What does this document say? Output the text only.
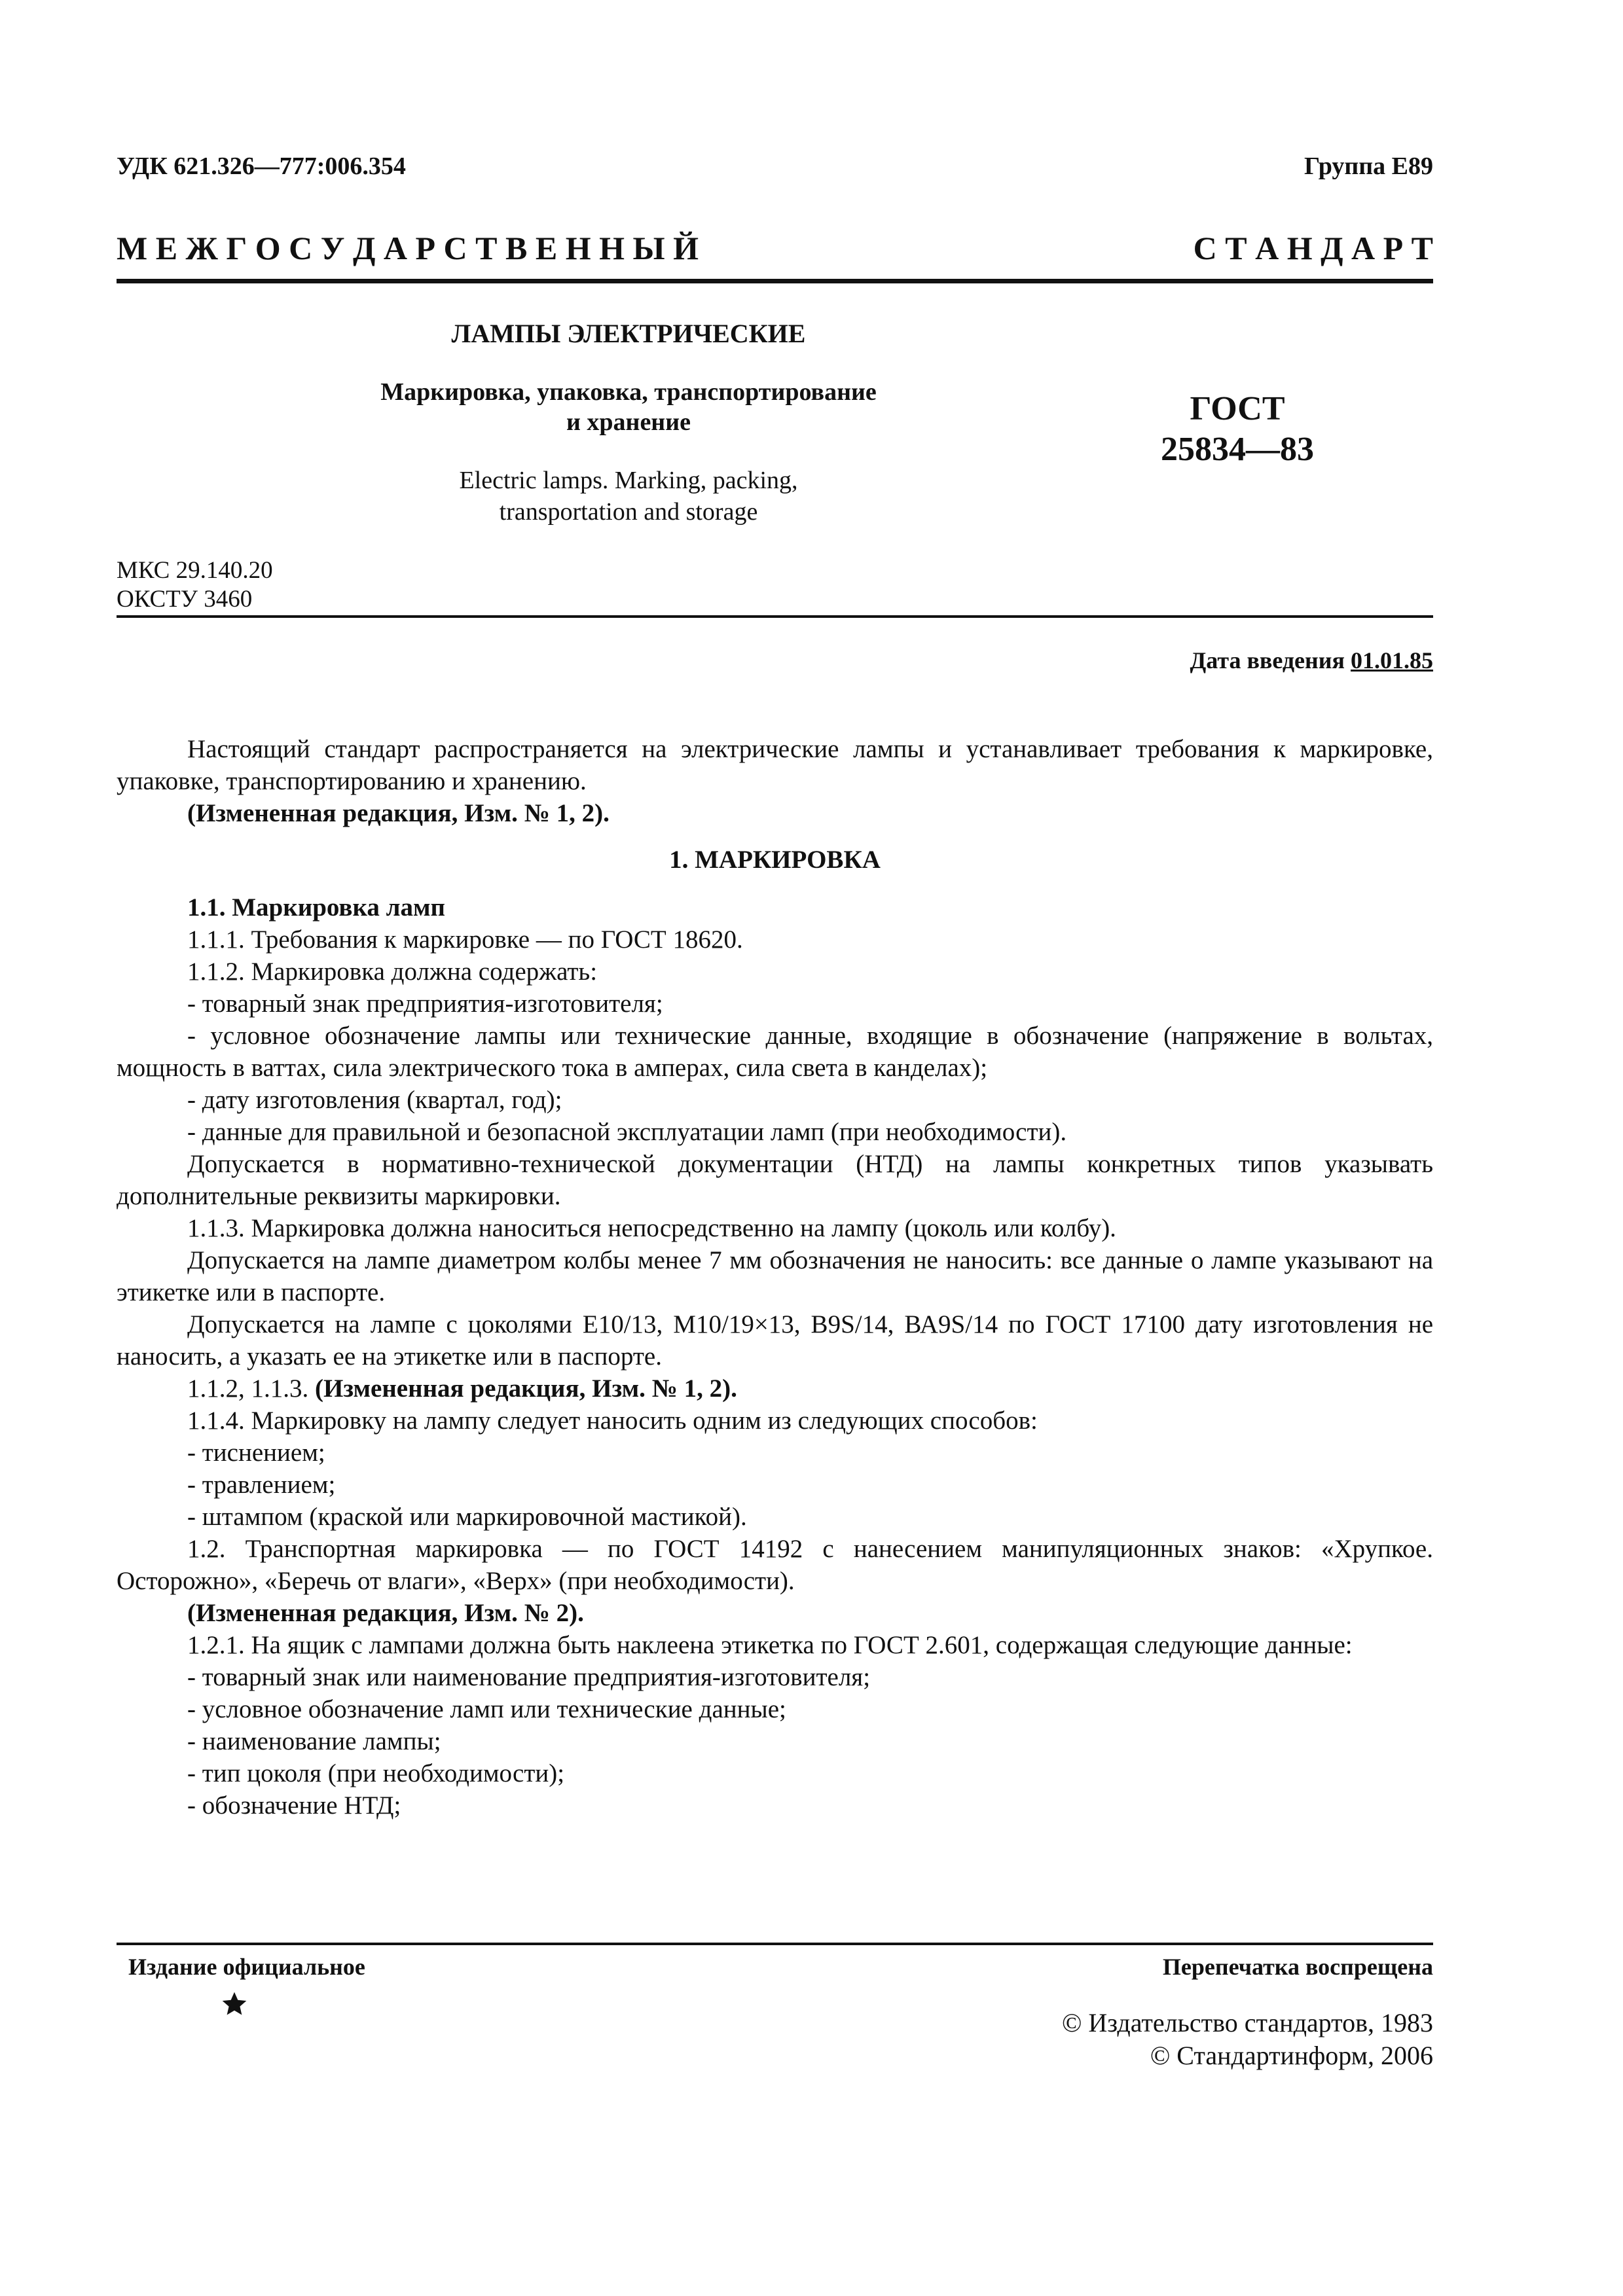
УДК 621.326—777:006.354	Группа Е89
М Е Ж Г О С У Д А Р С Т В Е Н Н Ы Й	С Т А Н Д А Р Т
ЛАМПЫ ЭЛЕКТРИЧЕСКИЕ
Маркировка, упаковка, транспортирование
и хранение
Electric lamps. Marking, packing,
transportation and storage
ГОСТ
25834—83
МКС 29.140.20
ОКСТУ 3460
Дата введения 01.01.85

Настоящий стандарт распространяется на электрические лампы и устанавливает требования к маркировке, упаковке, транспортированию и хранению.

(Измененная редакция, Изм. № 1, 2).

1. МАРКИРОВКА

1.1. Маркировка ламп

1.1.1. Требования к маркировке — по ГОСТ 18620.

1.1.2. Маркировка должна содержать:

- товарный знак предприятия-изготовителя;

- условное обозначение лампы или технические данные, входящие в обозначение (напряжение в вольтах, мощность в ваттах, сила электрического тока в амперах, сила света в канделах);

- дату изготовления (квартал, год);

- данные для правильной и безопасной эксплуатации ламп (при необходимости).

Допускается в нормативно-технической документации (НТД) на лампы конкретных типов указывать дополнительные реквизиты маркировки.

1.1.3. Маркировка должна наноситься непосредственно на лампу (цоколь или колбу).

Допускается на лампе диаметром колбы менее 7 мм обозначения не наносить: все данные о лампе указывают на этикетке или в паспорте.

Допускается на лампе с цоколями Е10/13, М10/19×13, B9S/14, ВА9S/14 по ГОСТ 17100 дату изготовления не наносить, а указать ее на этикетке или в паспорте.

1.1.2, 1.1.3. (Измененная редакция, Изм. № 1, 2).

1.1.4. Маркировку на лампу следует наносить одним из следующих способов:

- тиснением;

- травлением;

- штампом (краской или маркировочной мастикой).

1.2. Транспортная маркировка — по ГОСТ 14192 с нанесением манипуляционных знаков: «Хрупкое. Осторожно», «Беречь от влаги», «Верх» (при необходимости).

(Измененная редакция, Изм. № 2).

1.2.1. На ящик с лампами должна быть наклеена этикетка по ГОСТ 2.601, содержащая следующие данные:

- товарный знак или наименование предприятия-изготовителя;

- условное обозначение ламп или технические данные;

- наименование лампы;

- тип цоколя (при необходимости);

- обозначение НТД;

Издание официальное	Перепечатка воспрещена
© Издательство стандартов, 1983
© Стандартинформ, 2006
